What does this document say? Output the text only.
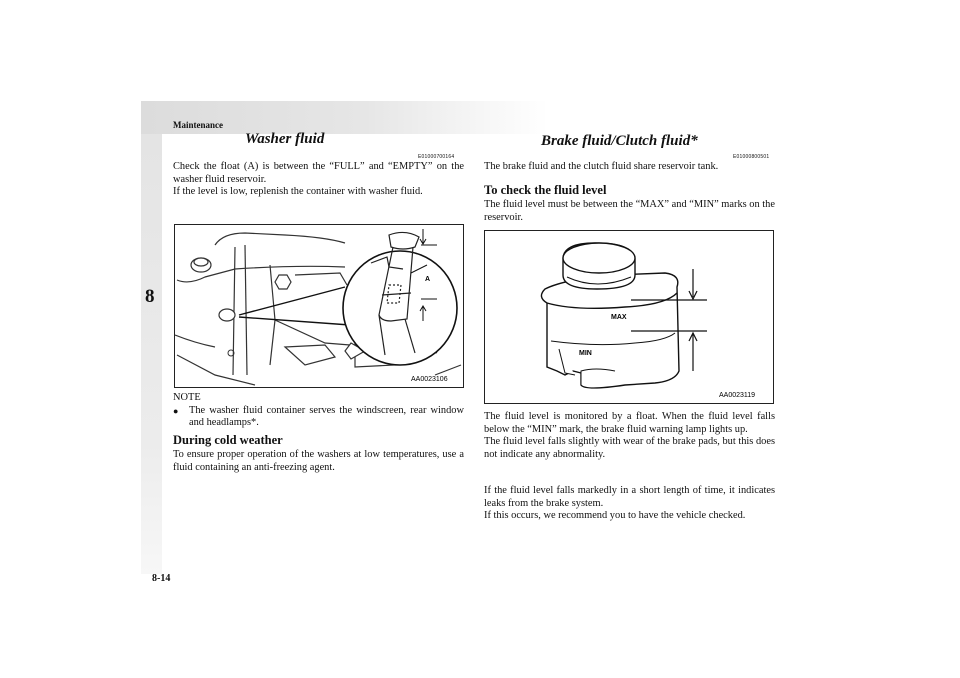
Maintenance
8
8-14
Washer fluid
E01000700164

Check the float (A) is between the “FULL” and “EMPTY” on the washer fluid reservoir.

If the level is low, replenish the container with washer fluid.

A
AA0023106
NOTE
●	The washer fluid container serves the windscreen, rear window and headlamps*.
During cold weather
To ensure proper operation of the washers at low temperatures, use a fluid containing an anti-freezing agent.
Brake fluid/Clutch fluid*
E01000800501
The brake fluid and the clutch fluid share reservoir tank.
To check the fluid level
The fluid level must be between the “MAX” and “MIN” marks on the reservoir.
MAX
MIN
AA0023119

The fluid level is monitored by a float. When the fluid level falls below the “MIN” mark, the brake fluid warning lamp lights up.

The fluid level falls slightly with wear of the brake pads, but this does not indicate any abnormality.

If the fluid level falls markedly in a short length of time, it indicates leaks from the brake system.

If this occurs, we recommend you to have the vehicle checked.
